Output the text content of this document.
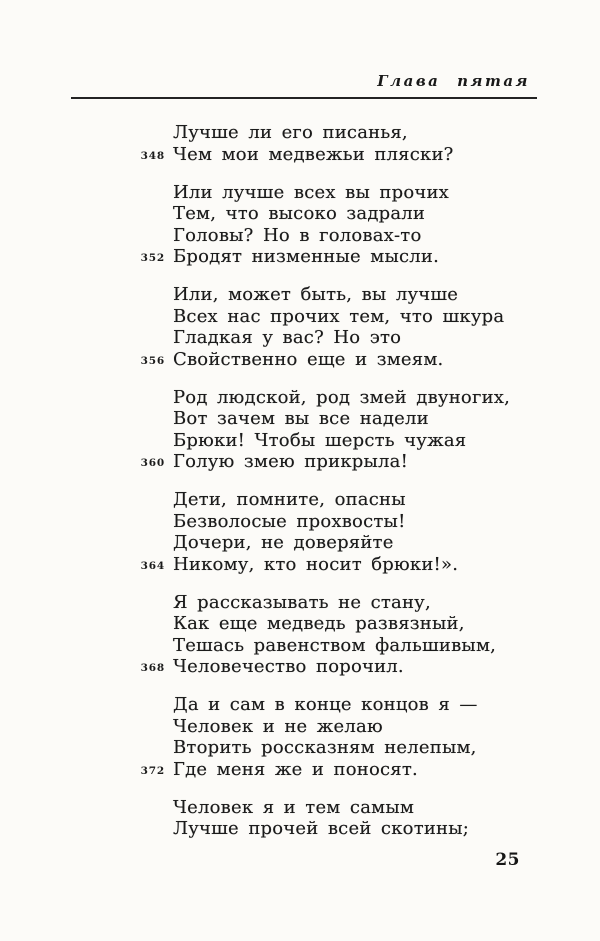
Глава пятая
Лучше ли его писанья,
348 Чем мои медвежьи пляски?
Или лучше всех вы прочих
Тем, что высоко задрали
Головы? Но в головах-то
352 Бродят низменные мысли.
Или, может быть, вы лучше
Всех нас прочих тем, что шкура
Гладкая у вас? Но это
356 Свойственно еще и змеям.
Род людской, род змей двуногих,
Вот зачем вы все надели
Брюки! Чтобы шерсть чужая
360 Голую змею прикрыла!
Дети, помните, опасны
Безволосые прохвосты!
Дочери, не доверяйте
364 Никому, кто носит брюки!».
Я рассказывать не стану,
Как еще медведь развязный,
Тешась равенством фальшивым,
368 Человечество порочил.
Да и сам в конце концов я —
Человек и не желаю
Вторить россказням нелепым,
372 Где меня же и поносят.
Человек я и тем самым
Лучше прочей всей скотины;
25
